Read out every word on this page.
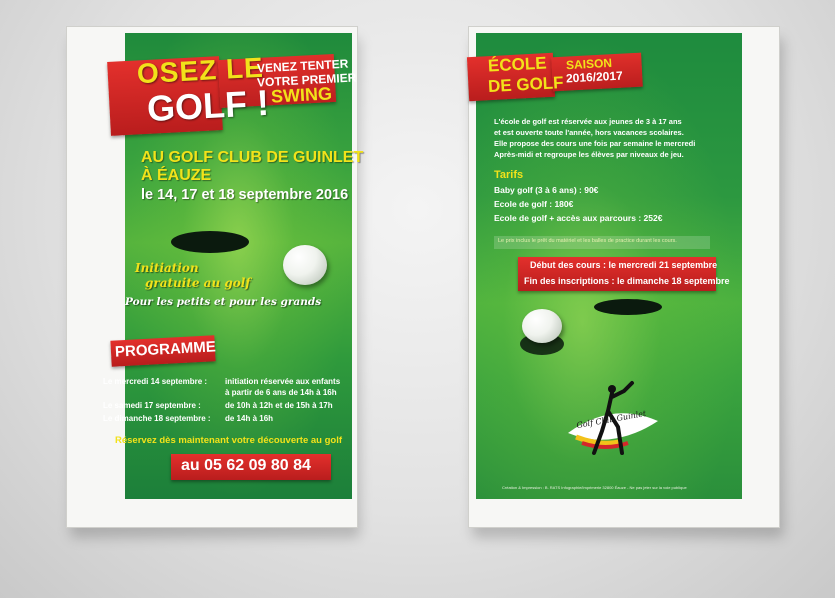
OSEZ LE
GOLF !
VENEZ TENTER
VOTRE PREMIER
SWING
AU GOLF CLUB DE GUINLET
À ÉAUZE
le 14, 17 et 18 septembre 2016
Initiation
gratuite au golf
Pour les petits et pour les grands
PROGRAMME
Le mercredi 14 septembre : initiation réservée aux enfants
à partir de 6 ans de 14h à 16h
Le samedi 17 septembre :	de 10h à 12h et de 15h à 17h
Le dimanche 18 septembre : de 14h à 16h
Réservez dès maintenant votre découverte au golf
au 05 62 09 80 84
ÉCOLE
DE GOLF
SAISON
2016/2017
L'école de golf est réservée aux jeunes de 3 à 17 ans
et est ouverte toute l'année, hors vacances scolaires.
Elle propose des cours une fois par semaine le mercredi
Après-midi et regroupe les élèves par niveaux de jeu.
Tarifs
Baby golf (3 à 6 ans) : 90€
Ecole de golf : 180€
Ecole de golf + accès aux parcours : 252€
Le prix inclus le prêt du matériel et les balles de practice durant les cours.
Début des cours : le mercredi 21 septembre
Fin des inscriptions : le dimanche 18 septembre
Golf Club Guinlet
Création & Impression : B. RATS Infographie/Imprimerie 32800 Éauze - Ne pas jeter sur la voie publique
